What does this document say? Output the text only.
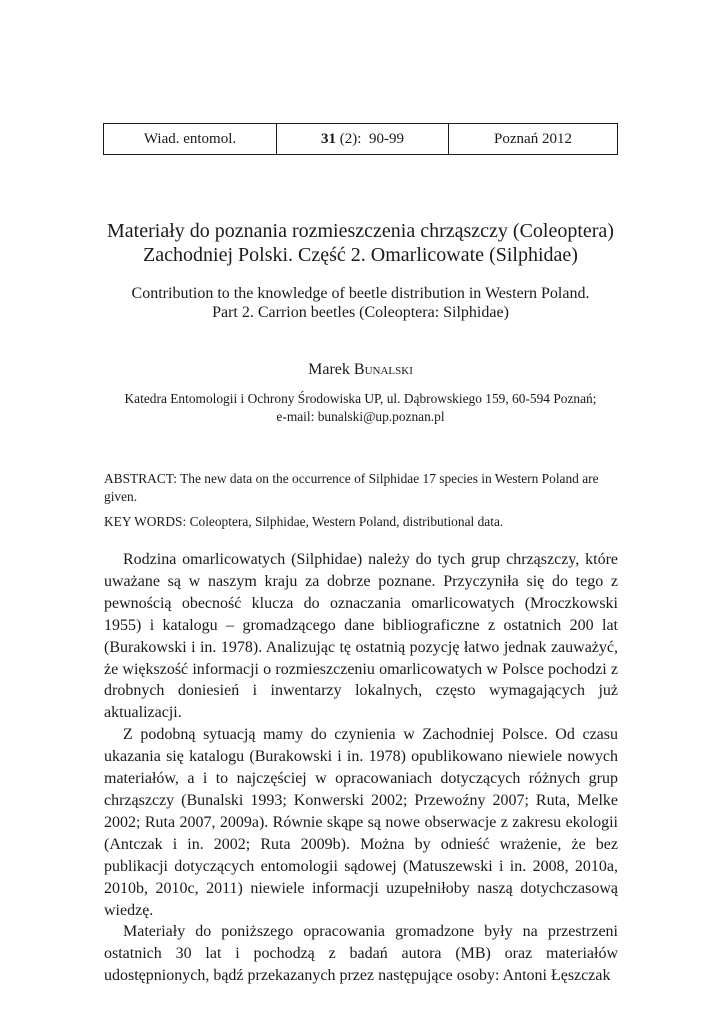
Wiad. entomol.	31 (2):  90-99	Poznań 2012
Materiały do poznania rozmieszczenia chrząszczy (Coleoptera)
Zachodniej Polski. Część 2. Omarlicowate (Silphidae)
Contribution to the knowledge of beetle distribution in Western Poland.
Part 2. Carrion beetles (Coleoptera: Silphidae)
Marek Bunalski
Katedra Entomologii i Ochrony Środowiska UP, ul. Dąbrowskiego 159, 60-594 Poznań;
e-mail: bunalski@up.poznan.pl

ABSTRACT: The new data on the occurrence of Silphidae 17 species in Western Poland are given.

KEY WORDS: Coleoptera, Silphidae, Western Poland, distributional data.

Rodzina omarlicowatych (Silphidae) należy do tych grup chrząszczy, które uważane są w naszym kraju za dobrze poznane. Przyczyniła się do tego z pewnością obecność klucza do oznaczania omarlicowatych (Mroczkowski 1955) i katalogu – gromadzącego dane bibliograficzne z ostatnich 200 lat (Burakowski i in. 1978). Analizując tę ostatnią pozycję łatwo jednak zauważyć, że większość informacji o rozmieszczeniu omarlicowatych w Polsce pochodzi z drobnych doniesień i inwentarzy lokalnych, często wymagających już aktualizacji.

Z podobną sytuacją mamy do czynienia w Zachodniej Polsce. Od czasu ukazania się katalogu (Burakowski i in. 1978) opublikowano niewiele nowych materiałów, a i to najczęściej w opracowaniach dotyczących różnych grup chrząszczy (Bunalski 1993; Konwerski 2002; Przewoźny 2007; Ruta, Melke 2002; Ruta 2007, 2009a). Równie skąpe są nowe obserwacje z zakresu ekologii (Antczak i in. 2002; Ruta 2009b). Można by odnieść wrażenie, że bez publikacji dotyczących entomologii sądowej (Matuszewski i in. 2008, 2010a, 2010b, 2010c, 2011) niewiele informacji uzupełniłoby naszą dotychczasową wiedzę.

Materiały do poniższego opracowania gromadzone były na przestrzeni ostatnich 30 lat i pochodzą z badań autora (MB) oraz materiałów udostępnionych, bądź przekazanych przez następujące osoby: Antoni Łęszczak
